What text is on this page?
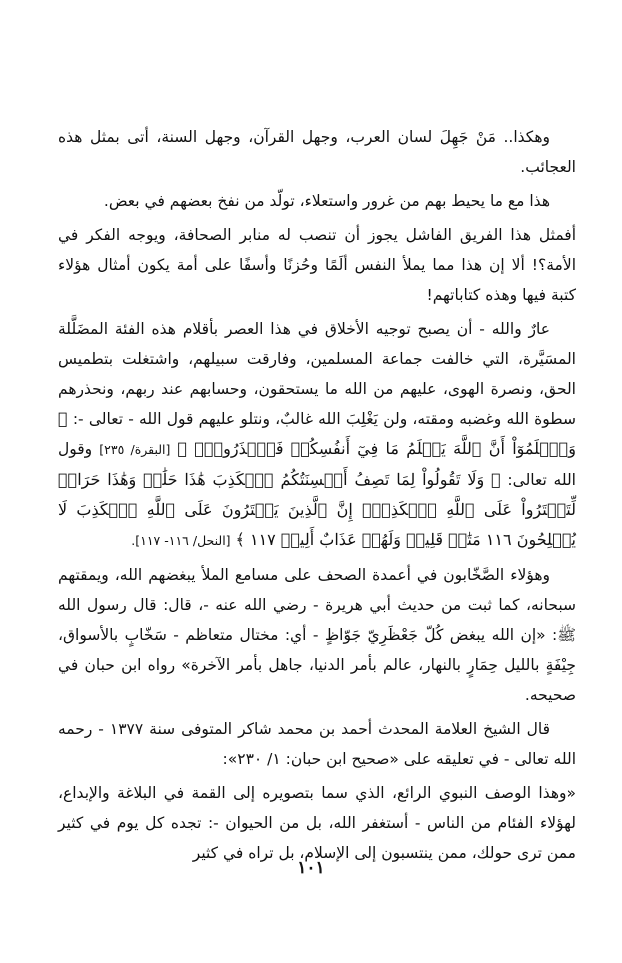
وهكذا.. مَنْ جَهِلَ لسان العرب، وجهل القرآن، وجهل السنة، أتى بمثل هذه العجائب.

هذا مع ما يحيط بهم من غرور واستعلاء، تولّد من نفخ بعضهم في بعض.

أفمثل هذا الفريق الفاشل يجوز أن تنصب له منابر الصحافة، ويوجه الفكر في الأمة؟! ألا إن هذا مما يملأ النفس ألَمًا وحُزنًا وأسفًا على أمة يكون أمثال هؤلاء كتبة فيها وهذه كتاباتهم!

عارٌ والله - أن يصبح توجيه الأخلاق في هذا العصر بأقلام هذه الفئة المضَلَّلة المسَيَّرة، التي خالفت جماعة المسلمين، وفارقت سبيلهم، واشتغلت بتطميس الحق، ونصرة الهوى، عليهم من الله ما يستحقون، وحسابهم عند ربهم، ونحذرهم سطوة الله وغضبه ومقته، ولن يَغْلِبَ الله غالبٌ، ونتلو عليهم قول الله - تعالى -: ﴿ وَٱعۡلَمُوٓاْ أَنَّ ٱللَّهَ يَعۡلَمُ مَا فِيٓ أَنفُسِكُمۡ فَٱحۡذَرُوهُۚ ﴾ [البقرة/ ٢٣٥] وقول الله تعالى: ﴿ وَلَا تَقُولُواْ لِمَا تَصِفُ أَلۡسِنَتُكُمُ ٱلۡكَذِبَ هَٰذَا حَلَٰلٞ وَهَٰذَا حَرَامٞ لِّتَفۡتَرُواْ عَلَى ٱللَّهِ ٱلۡكَذِبَۚ إِنَّ ٱلَّذِينَ يَفۡتَرُونَ عَلَى ٱللَّهِ ٱلۡكَذِبَ لَا يُفۡلِحُونَ ١١٦ مَتَٰعٞ قَلِيلٞ وَلَهُمۡ عَذَابٌ أَلِيمٞ ١١٧ ﴾ [النحل/ ١١٦- ١١٧].

وهؤلاء الصَّخّابون في أعمدة الصحف على مسامع الملأ يبغضهم الله، ويمقتهم سبحانه، كما ثبت من حديث أبي هريرة - رضي الله عنه -، قال: قال رسول الله ﷺ: «إن الله يبغض كُلّ جَعْظَرِيّ جَوّاظٍ - أي: مختال متعاظم - سَخّابٍ بالأسواق، جِيْفَةٍ بالليل حِمَارٍ بالنهار، عالم بأمر الدنيا، جاهل بأمر الآخرة» رواه ابن حبان في صحيحه.

قال الشيخ العلامة المحدث أحمد بن محمد شاكر المتوفى سنة ١٣٧٧ - رحمه الله تعالى - في تعليقه على «صحيح ابن حبان: ١/ ٢٣٠»:

«وهذا الوصف النبوي الرائع، الذي سما بتصويره إلى القمة في البلاغة والإبداع، لهؤلاء الفئام من الناس - أستغفر الله، بل من الحيوان -: تجده كل يوم في كثير ممن ترى حولك، ممن ينتسبون إلى الإسلام، بل تراه في كثير

١٠١
